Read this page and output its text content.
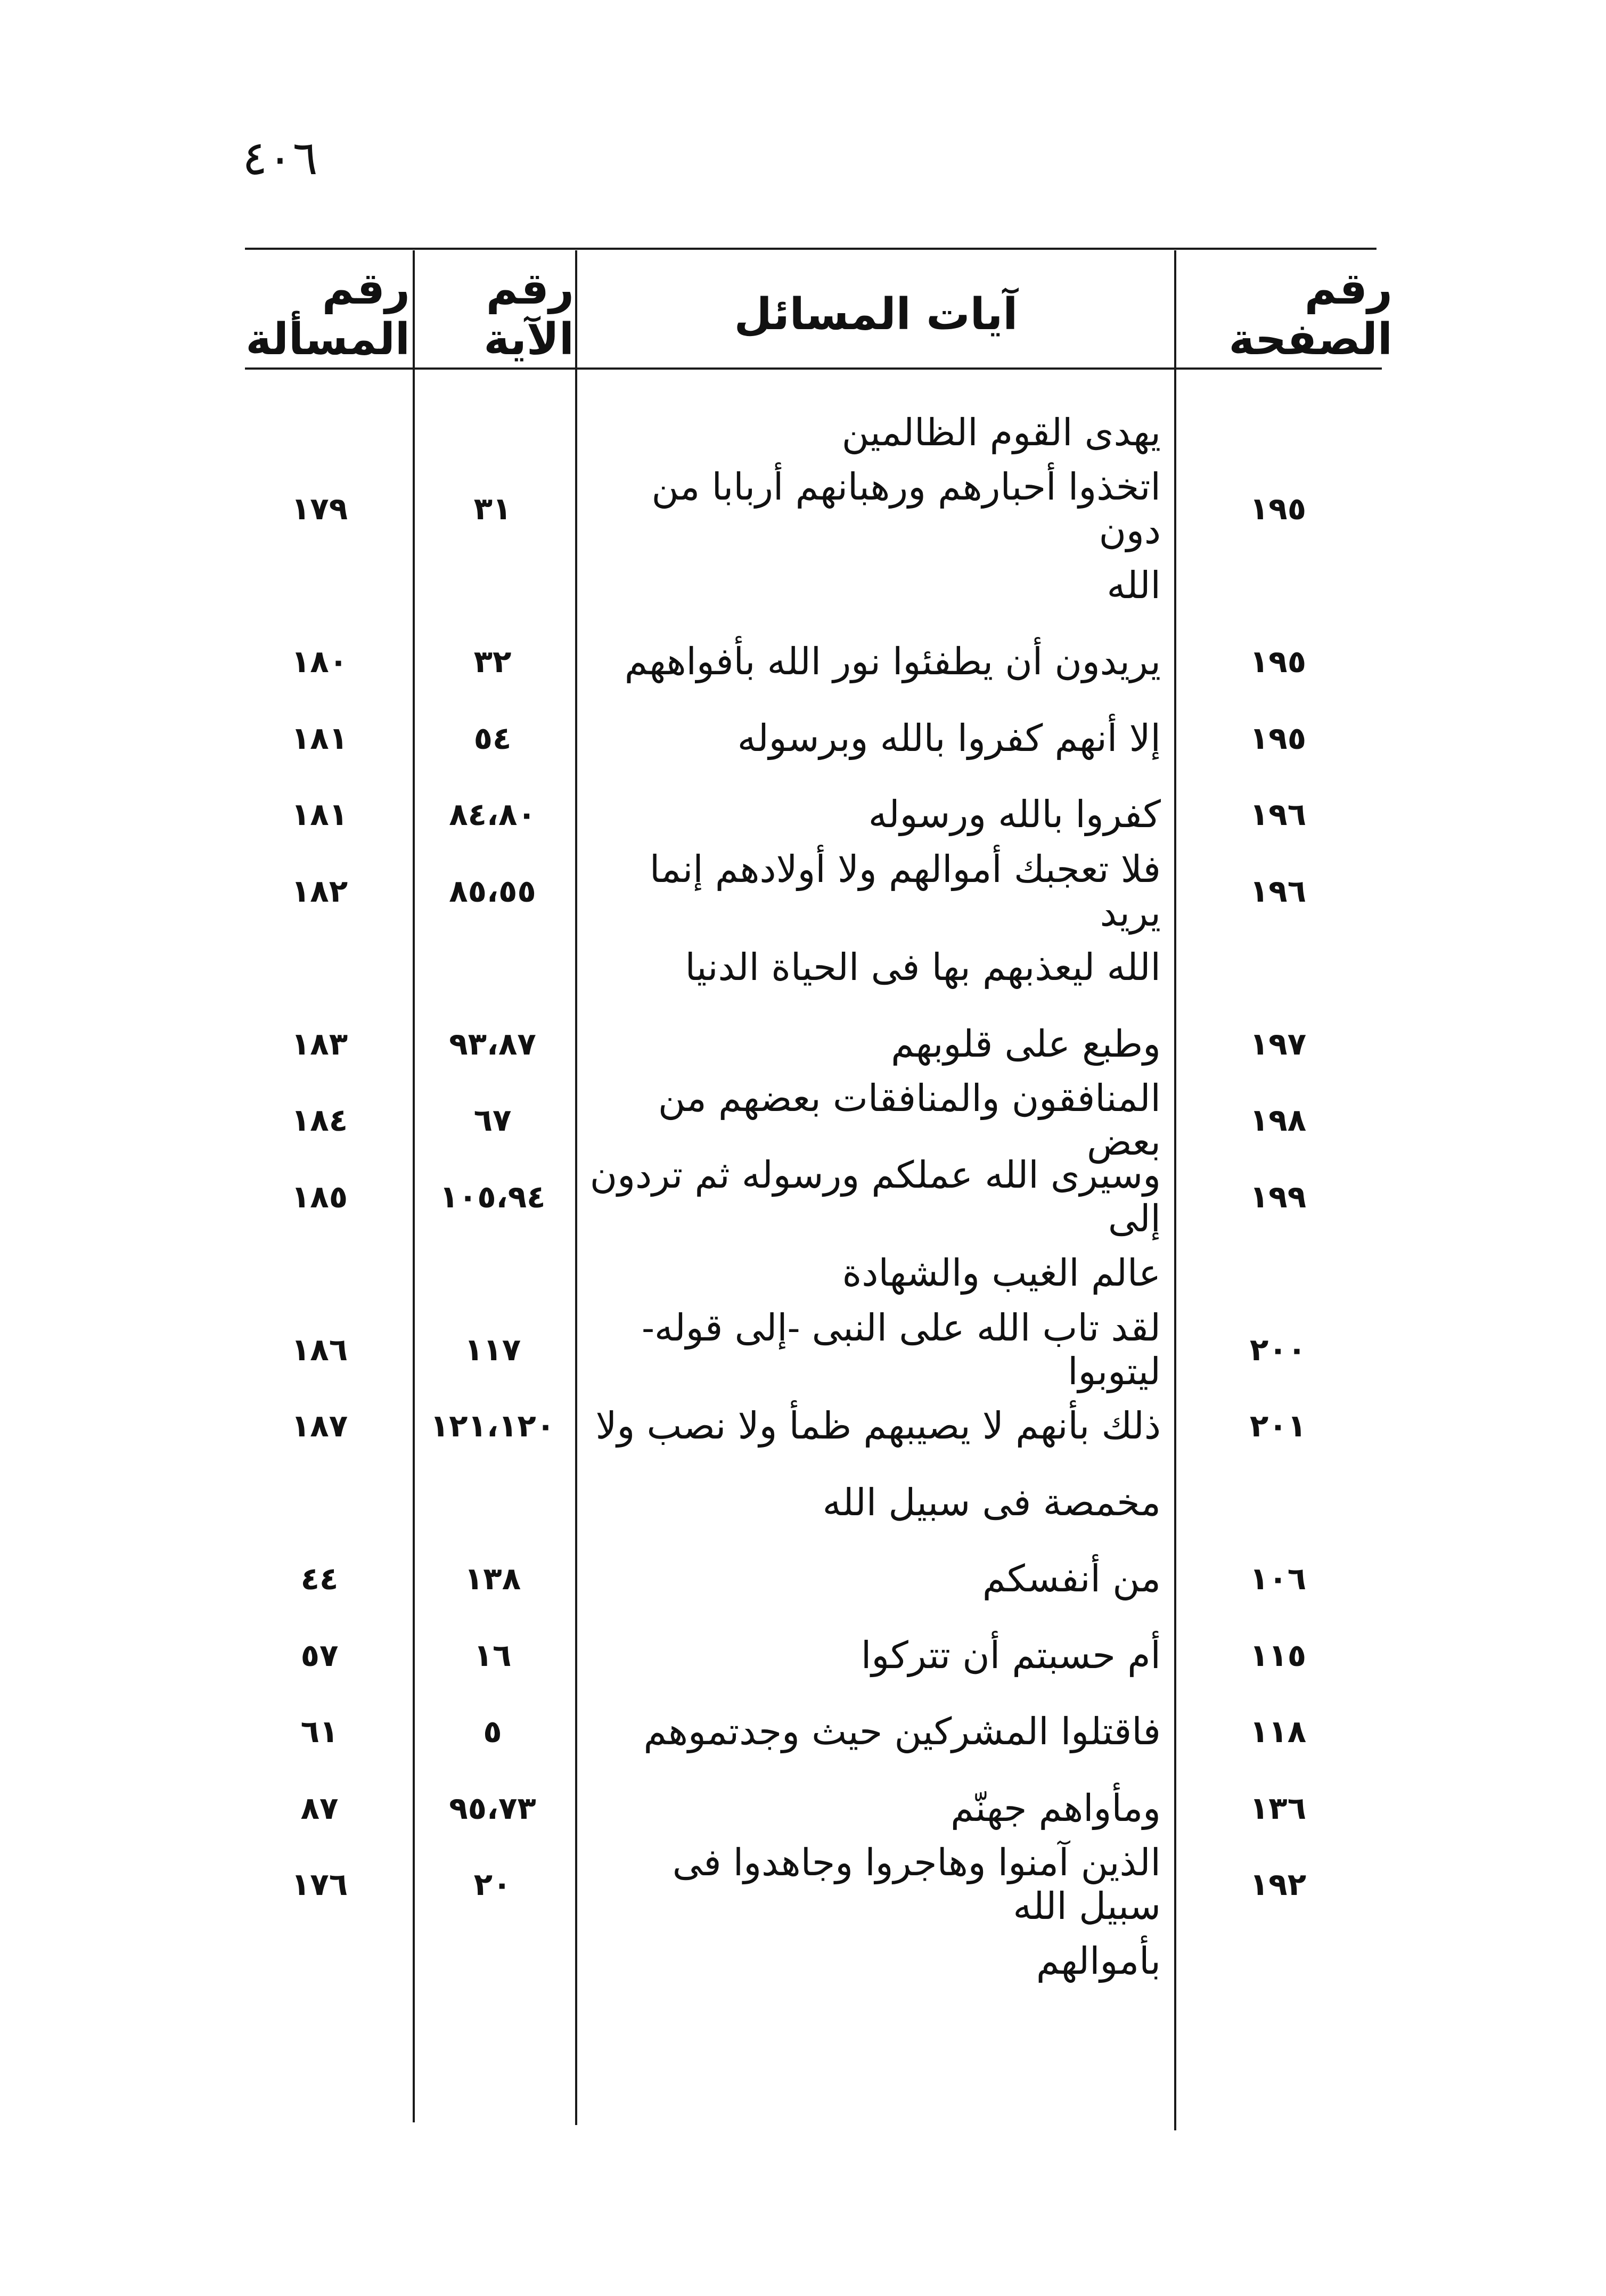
٤٠٦
رقم الصفحة
آيات المسائل
رقم الآية
رقم المسألة
يهدى القوم الظالمين
١٩٥
اتخذوا أحبارهم ورهبانهم أربابا من دون
٣١
١٧٩
الله
١٩٥
يريدون أن يطفئوا نور الله بأفواههم
٣٢
١٨٠
١٩٥
إلا أنهم كفروا بالله وبرسوله
٥٤
١٨١
١٩٦
كفروا بالله ورسوله
٨٤،٨٠
١٨١
١٩٦
فلا تعجبك أموالهم ولا أولادهم إنما يريد
٨٥،٥٥
١٨٢
الله ليعذبهم بها فى الحياة الدنيا
١٩٧
وطبع على قلوبهم
٩٣،٨٧
١٨٣
١٩٨
المنافقون والمنافقات بعضهم من بعض
٦٧
١٨٤
١٩٩
وسيرى الله عملكم ورسوله ثم تردون إلى
١٠٥،٩٤
١٨٥
عالم الغيب والشهادة
٢٠٠
لقد تاب الله على النبى -إلى قوله- ليتوبوا
١١٧
١٨٦
٢٠١
ذلك بأنهم لا يصيبهم ظمأ ولا نصب ولا
١٢١،١٢٠
١٨٧
مخمصة فى سبيل الله
١٠٦
من أنفسكم
١٣٨
٤٤
١١٥
أم حسبتم أن تتركوا
١٦
٥٧
١١٨
فاقتلوا المشركين حيث وجدتموهم
٥
٦١
١٣٦
ومأواهم جهنّم
٩٥،٧٣
٨٧
١٩٢
الذين آمنوا وهاجروا وجاهدوا فى سبيل الله
٢٠
١٧٦
بأموالهم
